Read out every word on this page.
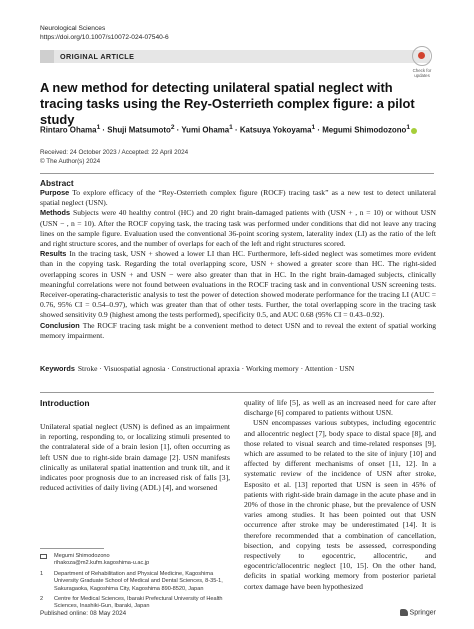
Neurological Sciences
https://doi.org/10.1007/s10072-024-07540-6
ORIGINAL ARTICLE
Check for
updates
A new method for detecting unilateral spatial neglect with tracing tasks using the Rey-Osterrieth complex figure: a pilot study
Rintaro Ohama$^1$ · Shuji Matsumoto$^2$ · Yumi Ohama$^1$ · Katsuya Yokoyama$^1$ · Megumi Shimodozono$^1$
Received: 24 October 2023 / Accepted: 22 April 2024
© The Author(s) 2024
Abstract

Purpose To explore efficacy of the “Rey-Osterrieth complex figure (ROCF) tracing task” as a new test to detect unilateral spatial neglect (USN).

Methods Subjects were 40 healthy control (HC) and 20 right brain-damaged patients with (USN + , n = 10) or without USN (USN − , n = 10). After the ROCF copying task, the tracing task was performed under conditions that did not leave any tracing lines on the sample figure. Evaluation used the conventional 36-point scoring system, laterality index (LI) as the ratio of the left and right structure scores, and the number of overlaps for each of the left and right structures scored.

Results In the tracing task, USN + showed a lower LI than HC. Furthermore, left-sided neglect was sometimes more evident than in the copying task. Regarding the total overlapping score, USN + showed a greater score than HC. The right-sided overlapping scores in USN + and USN − were also greater than that in HC. In the right brain-damaged subjects, clinically meaningful correlations were not found between evaluations in the ROCF tracing task and in conventional USN screening tests. Receiver-operating-characteristic analysis to test the power of detection showed moderate performance for the tracing LI (AUC = 0.76, 95% CI = 0.54–0.97), which was greater than that of other tests. Further, the total overlapping score in the tracing task showed sensitivity 0.9 (highest among the tests performed), specificity 0.5, and AUC 0.68 (95% CI = 0.43–0.92).

Conclusion The ROCF tracing task might be a convenient method to detect USN and to reveal the extent of spatial working memory impairment.

Keywords Stroke · Visuospatial agnosia · Constructional apraxia · Working memory · Attention · USN
Introduction

Unilateral spatial neglect (USN) is defined as an impairment in reporting, responding to, or localizing stimuli presented to the contralateral side of a brain lesion [1], often occurring as left USN due to right-side brain damage [2]. USN manifests clinically as unilateral spatial inattention and trunk tilt, and it indicates poor prognosis due to an increased risk of falls [3], reduced activities of daily living (ADL) [4], and worsened

quality of life [5], as well as an increased need for care after discharge [6] compared to patients without USN.

USN encompasses various subtypes, including egocentric and allocentric neglect [7], body space to distal space [8], and those related to visual search and time-related responses [9], which are assumed to be related to the site of injury [10] and affected by different mechanisms of onset [11, 12]. In a systematic review of the incidence of USN after stroke, Esposito et al. [13] reported that USN is seen in 45% of patients with right-side brain damage in the acute phase and in 20% of those in the chronic phase, but the prevalence of USN varies among studies. It has been pointed out that USN occurrence after stroke may be underestimated [14]. It is therefore recommended that a combination of cancellation, bisection, and copying tests be assessed, corresponding respectively to egocentric, allocentric, and egocentric/allocentric neglect [10, 15]. On the other hand, deficits in spatial working memory from posterior parietal cortex damage have been hypothesized

Megumi Shimodozono
rihakoza@m2.kufm.kagoshima-u.ac.jp
1	Department of Rehabilitation and Physical Medicine, Kagoshima University Graduate School of Medical and Dental Sciences, 8-35-1, Sakuragaoka, Kagoshima City, Kagoshima 890-8520, Japan
2	Centre for Medical Sciences, Ibaraki Prefectural University of Health Sciences, Inashiki-Gun, Ibaraki, Japan
Published online: 08 May 2024	Springer
